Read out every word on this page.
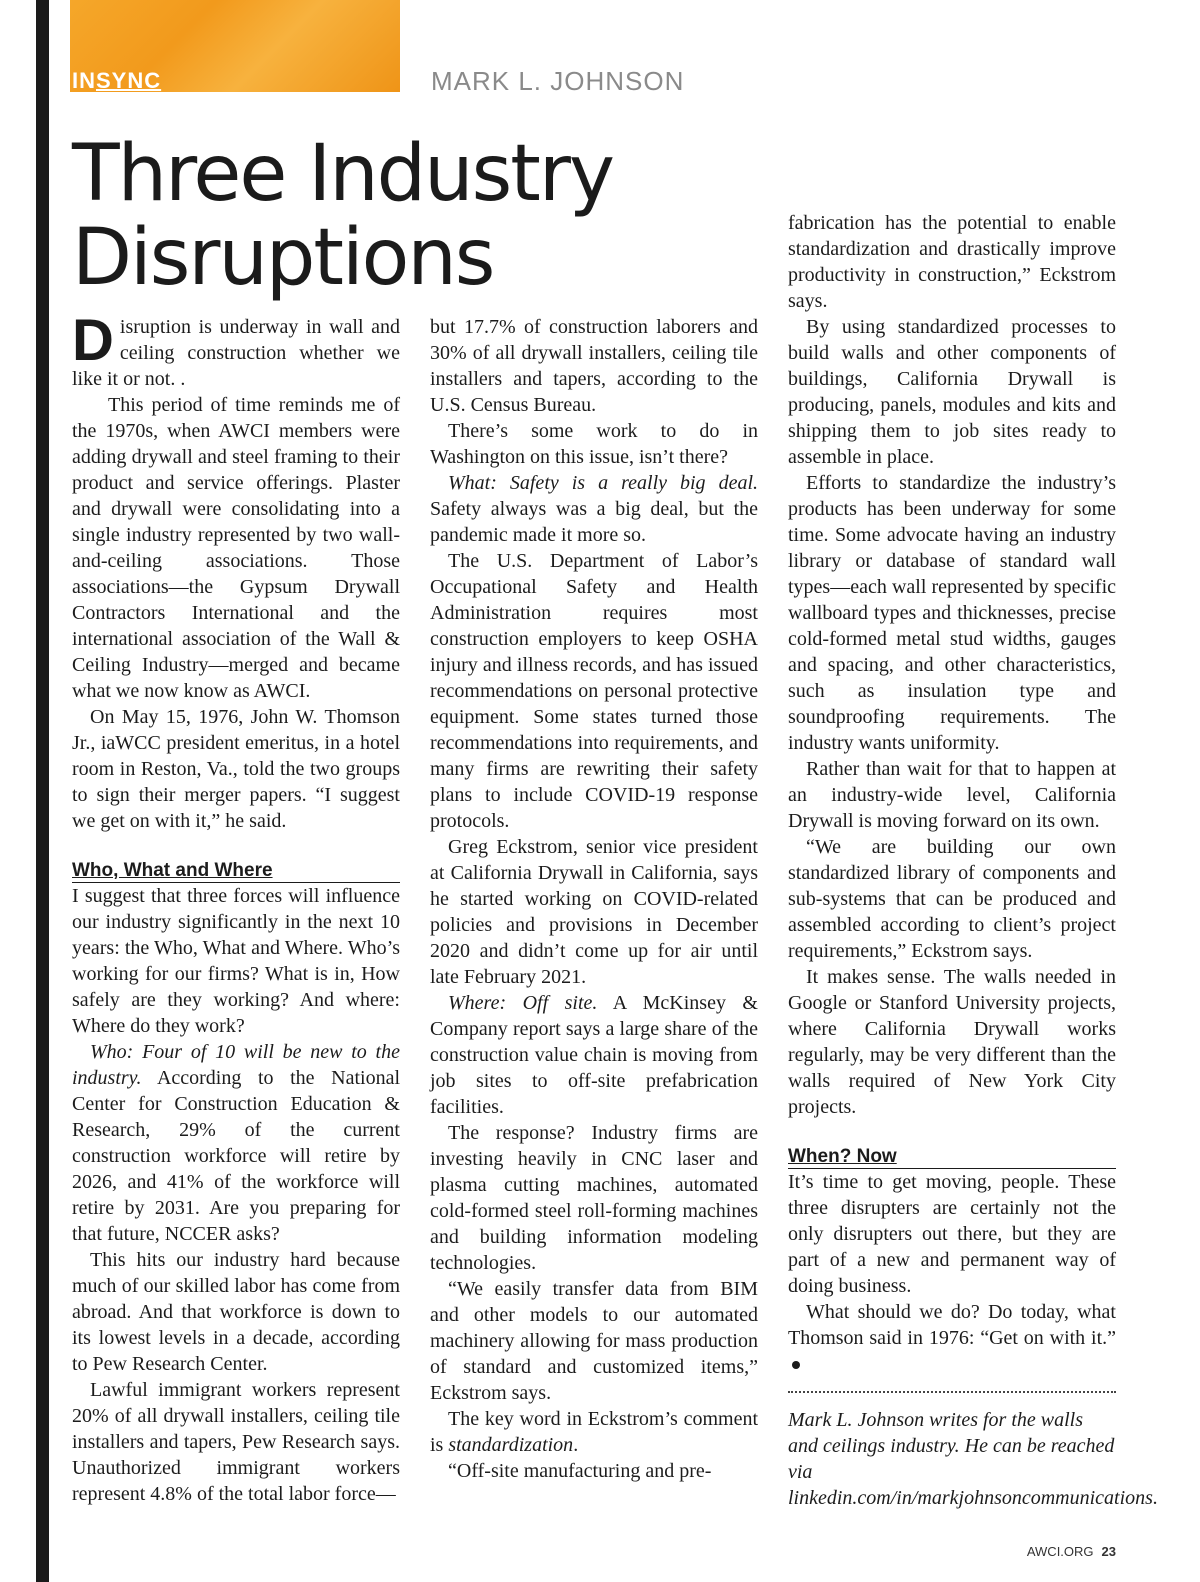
INSYNC	MARK L. JOHNSON
Three Industry
Disruptions

Disruption is underway in wall and ceiling construction whether we like it or not. .

This period of time reminds me of the 1970s, when AWCI members were adding drywall and steel framing to their product and service offerings. Plaster and drywall were consolidating into a single industry represented by two wall-and-ceiling associations. Those associations—the Gypsum Drywall Contractors International and the international association of the Wall & Ceiling Industry—merged and became what we now know as AWCI.

On May 15, 1976, John W. Thomson Jr., iaWCC president emeritus, in a hotel room in Reston, Va., told the two groups to sign their merger papers. “I suggest we get on with it,” he said.

Who, What and Where

I suggest that three forces will influence our industry significantly in the next 10 years: the Who, What and Where. Who’s working for our firms? What is in, How safely are they working? And where: Where do they work?

Who: Four of 10 will be new to the industry. According to the National Center for Construction Education & Research, 29% of the current construction workforce will retire by 2026, and 41% of the workforce will retire by 2031. Are you preparing for that future, NCCER asks?

This hits our industry hard because much of our skilled labor has come from abroad. And that workforce is down to its lowest levels in a decade, according to Pew Research Center.

Lawful immigrant workers represent 20% of all drywall installers, ceiling tile installers and tapers, Pew Research says. Unauthorized immigrant workers represent 4.8% of the total labor force—

but 17.7% of construction laborers and 30% of all drywall installers, ceiling tile installers and tapers, according to the U.S. Census Bureau.

There’s some work to do in Washington on this issue, isn’t there?

What: Safety is a really big deal. Safety always was a big deal, but the pandemic made it more so.

The U.S. Department of Labor’s Occupational Safety and Health Administration requires most construction employers to keep OSHA injury and illness records, and has issued recommendations on personal protective equipment. Some states turned those recommendations into requirements, and many firms are rewriting their safety plans to include COVID-19 response protocols.

Greg Eckstrom, senior vice president at California Drywall in California, says he started working on COVID-related policies and provisions in December 2020 and didn’t come up for air until late February 2021.

Where: Off site. A McKinsey & Company report says a large share of the construction value chain is moving from job sites to off-site prefabrication facilities.

The response? Industry firms are investing heavily in CNC laser and plasma cutting machines, automated cold-formed steel roll-forming machines and building information modeling technologies.

“We easily transfer data from BIM and other models to our automated machinery allowing for mass production of standard and customized items,” Eckstrom says.

The key word in Eckstrom’s comment is standardization.

“Off-site manufacturing and pre-

fabrication has the potential to enable standardization and drastically improve productivity in construction,” Eckstrom says.

By using standardized processes to build walls and other components of buildings, California Drywall is producing, panels, modules and kits and shipping them to job sites ready to assemble in place.

Efforts to standardize the industry’s products has been underway for some time. Some advocate having an industry library or database of standard wall types—each wall represented by specific wallboard types and thicknesses, precise cold-formed metal stud widths, gauges and spacing, and other characteristics, such as insulation type and soundproofing requirements. The industry wants uniformity.

Rather than wait for that to happen at an industry-wide level, California Drywall is moving forward on its own.

“We are building our own standardized library of components and sub-systems that can be produced and assembled according to client’s project requirements,” Eckstrom says.

It makes sense. The walls needed in Google or Stanford University projects, where California Drywall works regularly, may be very different than the walls required of New York City projects.

When? Now

It’s time to get moving, people. These three disrupters are certainly not the only disrupters out there, but they are part of a new and permanent way of doing business.

What should we do? Do today, what Thomson said in 1976: “Get on with it.”

Mark L. Johnson writes for the walls and ceilings industry. He can be reached via linkedin.com/in/markjohnsoncommunications.

AWCI.ORG 23
